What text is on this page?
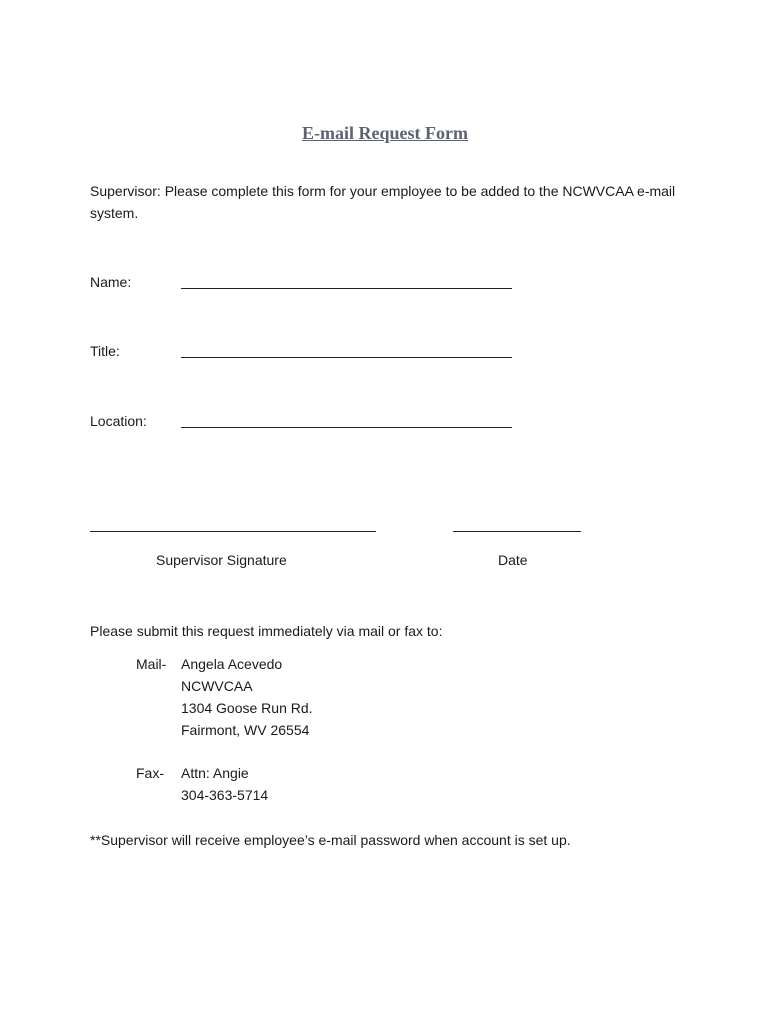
E-mail Request Form
Supervisor: Please complete this form for your employee to be added to the NCWVCAA e-mail system.
Name:
Title:
Location:
Supervisor Signature	Date
Please submit this request immediately via mail or fax to:
Mail- Angela Acevedo
NCWVCAA
1304 Goose Run Rd.
Fairmont, WV 26554
Fax- Attn: Angie
304-363-5714
**Supervisor will receive employee’s e-mail password when account is set up.
